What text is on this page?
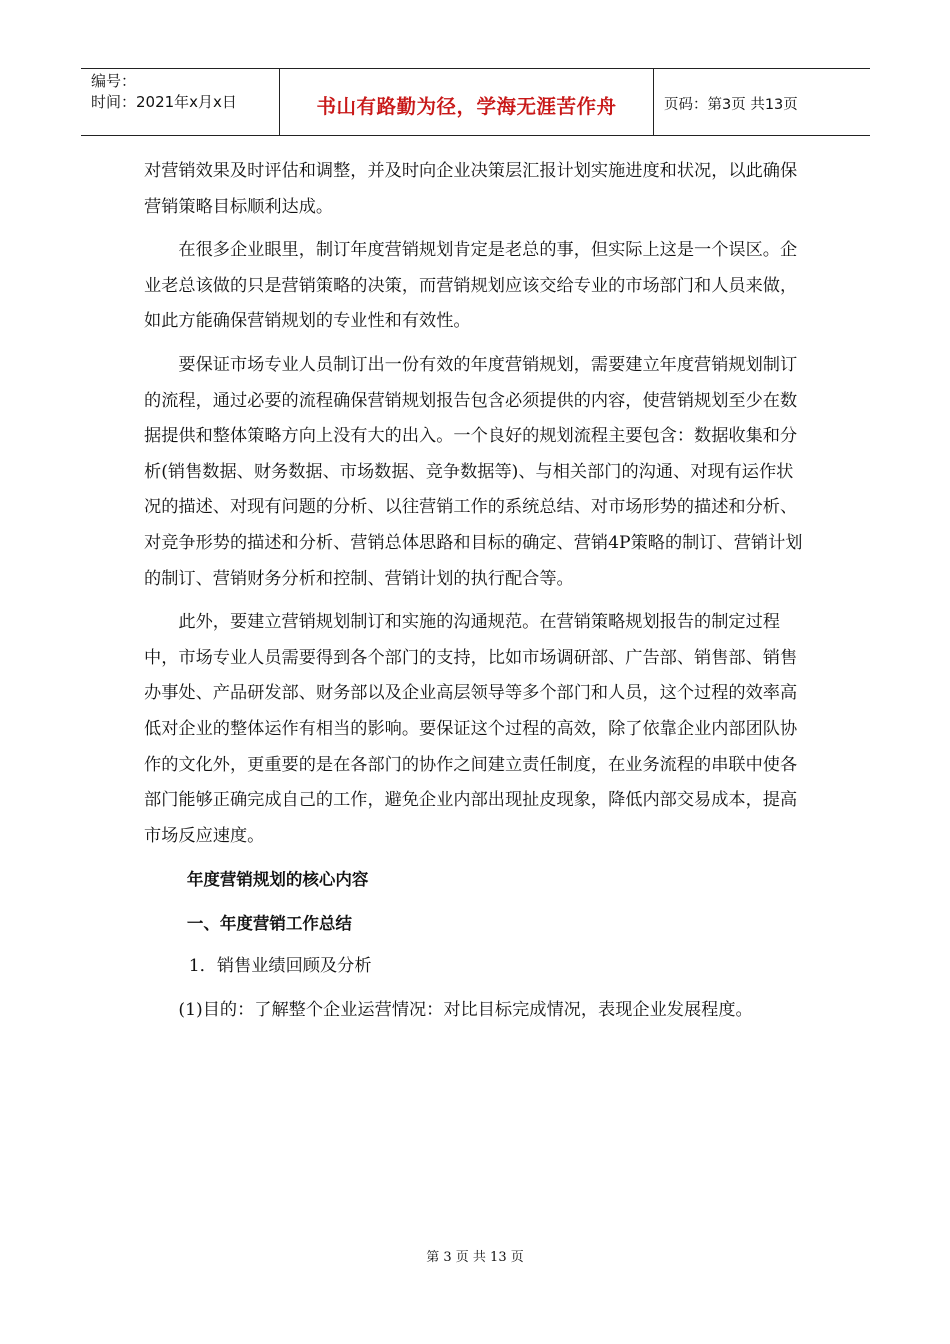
编号：
时间：2021年x月x日	书山有路勤为径，学海无涯苦作舟	页码：第3页 共13页

对营销效果及时评估和调整，并及时向企业决策层汇报计划实施进度和状况，以此确保营销策略目标顺利达成。

在很多企业眼里，制订年度营销规划肯定是老总的事，但实际上这是一个误区。企业老总该做的只是营销策略的决策，而营销规划应该交给专业的市场部门和人员来做，如此方能确保营销规划的专业性和有效性。

要保证市场专业人员制订出一份有效的年度营销规划，需要建立年度营销规划制订的流程，通过必要的流程确保营销规划报告包含必须提供的内容，使营销规划至少在数据提供和整体策略方向上没有大的出入。一个良好的规划流程主要包含：数据收集和分析(销售数据、财务数据、市场数据、竞争数据等)、与相关部门的沟通、对现有运作状况的描述、对现有问题的分析、以往营销工作的系统总结、对市场形势的描述和分析、对竞争形势的描述和分析、营销总体思路和目标的确定、营销4P策略的制订、营销计划的制订、营销财务分析和控制、营销计划的执行配合等。

此外，要建立营销规划制订和实施的沟通规范。在营销策略规划报告的制定过程中，市场专业人员需要得到各个部门的支持，比如市场调研部、广告部、销售部、销售办事处、产品研发部、财务部以及企业高层领导等多个部门和人员，这个过程的效率高低对企业的整体运作有相当的影响。要保证这个过程的高效，除了依靠企业内部团队协作的文化外，更重要的是在各部门的协作之间建立责任制度，在业务流程的串联中使各部门能够正确完成自己的工作，避免企业内部出现扯皮现象，降低内部交易成本，提高市场反应速度。

年度营销规划的核心内容

一、年度营销工作总结

1．销售业绩回顾及分析

(1)目的：了解整个企业运营情况：对比目标完成情况，表现企业发展程度。

第 3 页 共 13 页
